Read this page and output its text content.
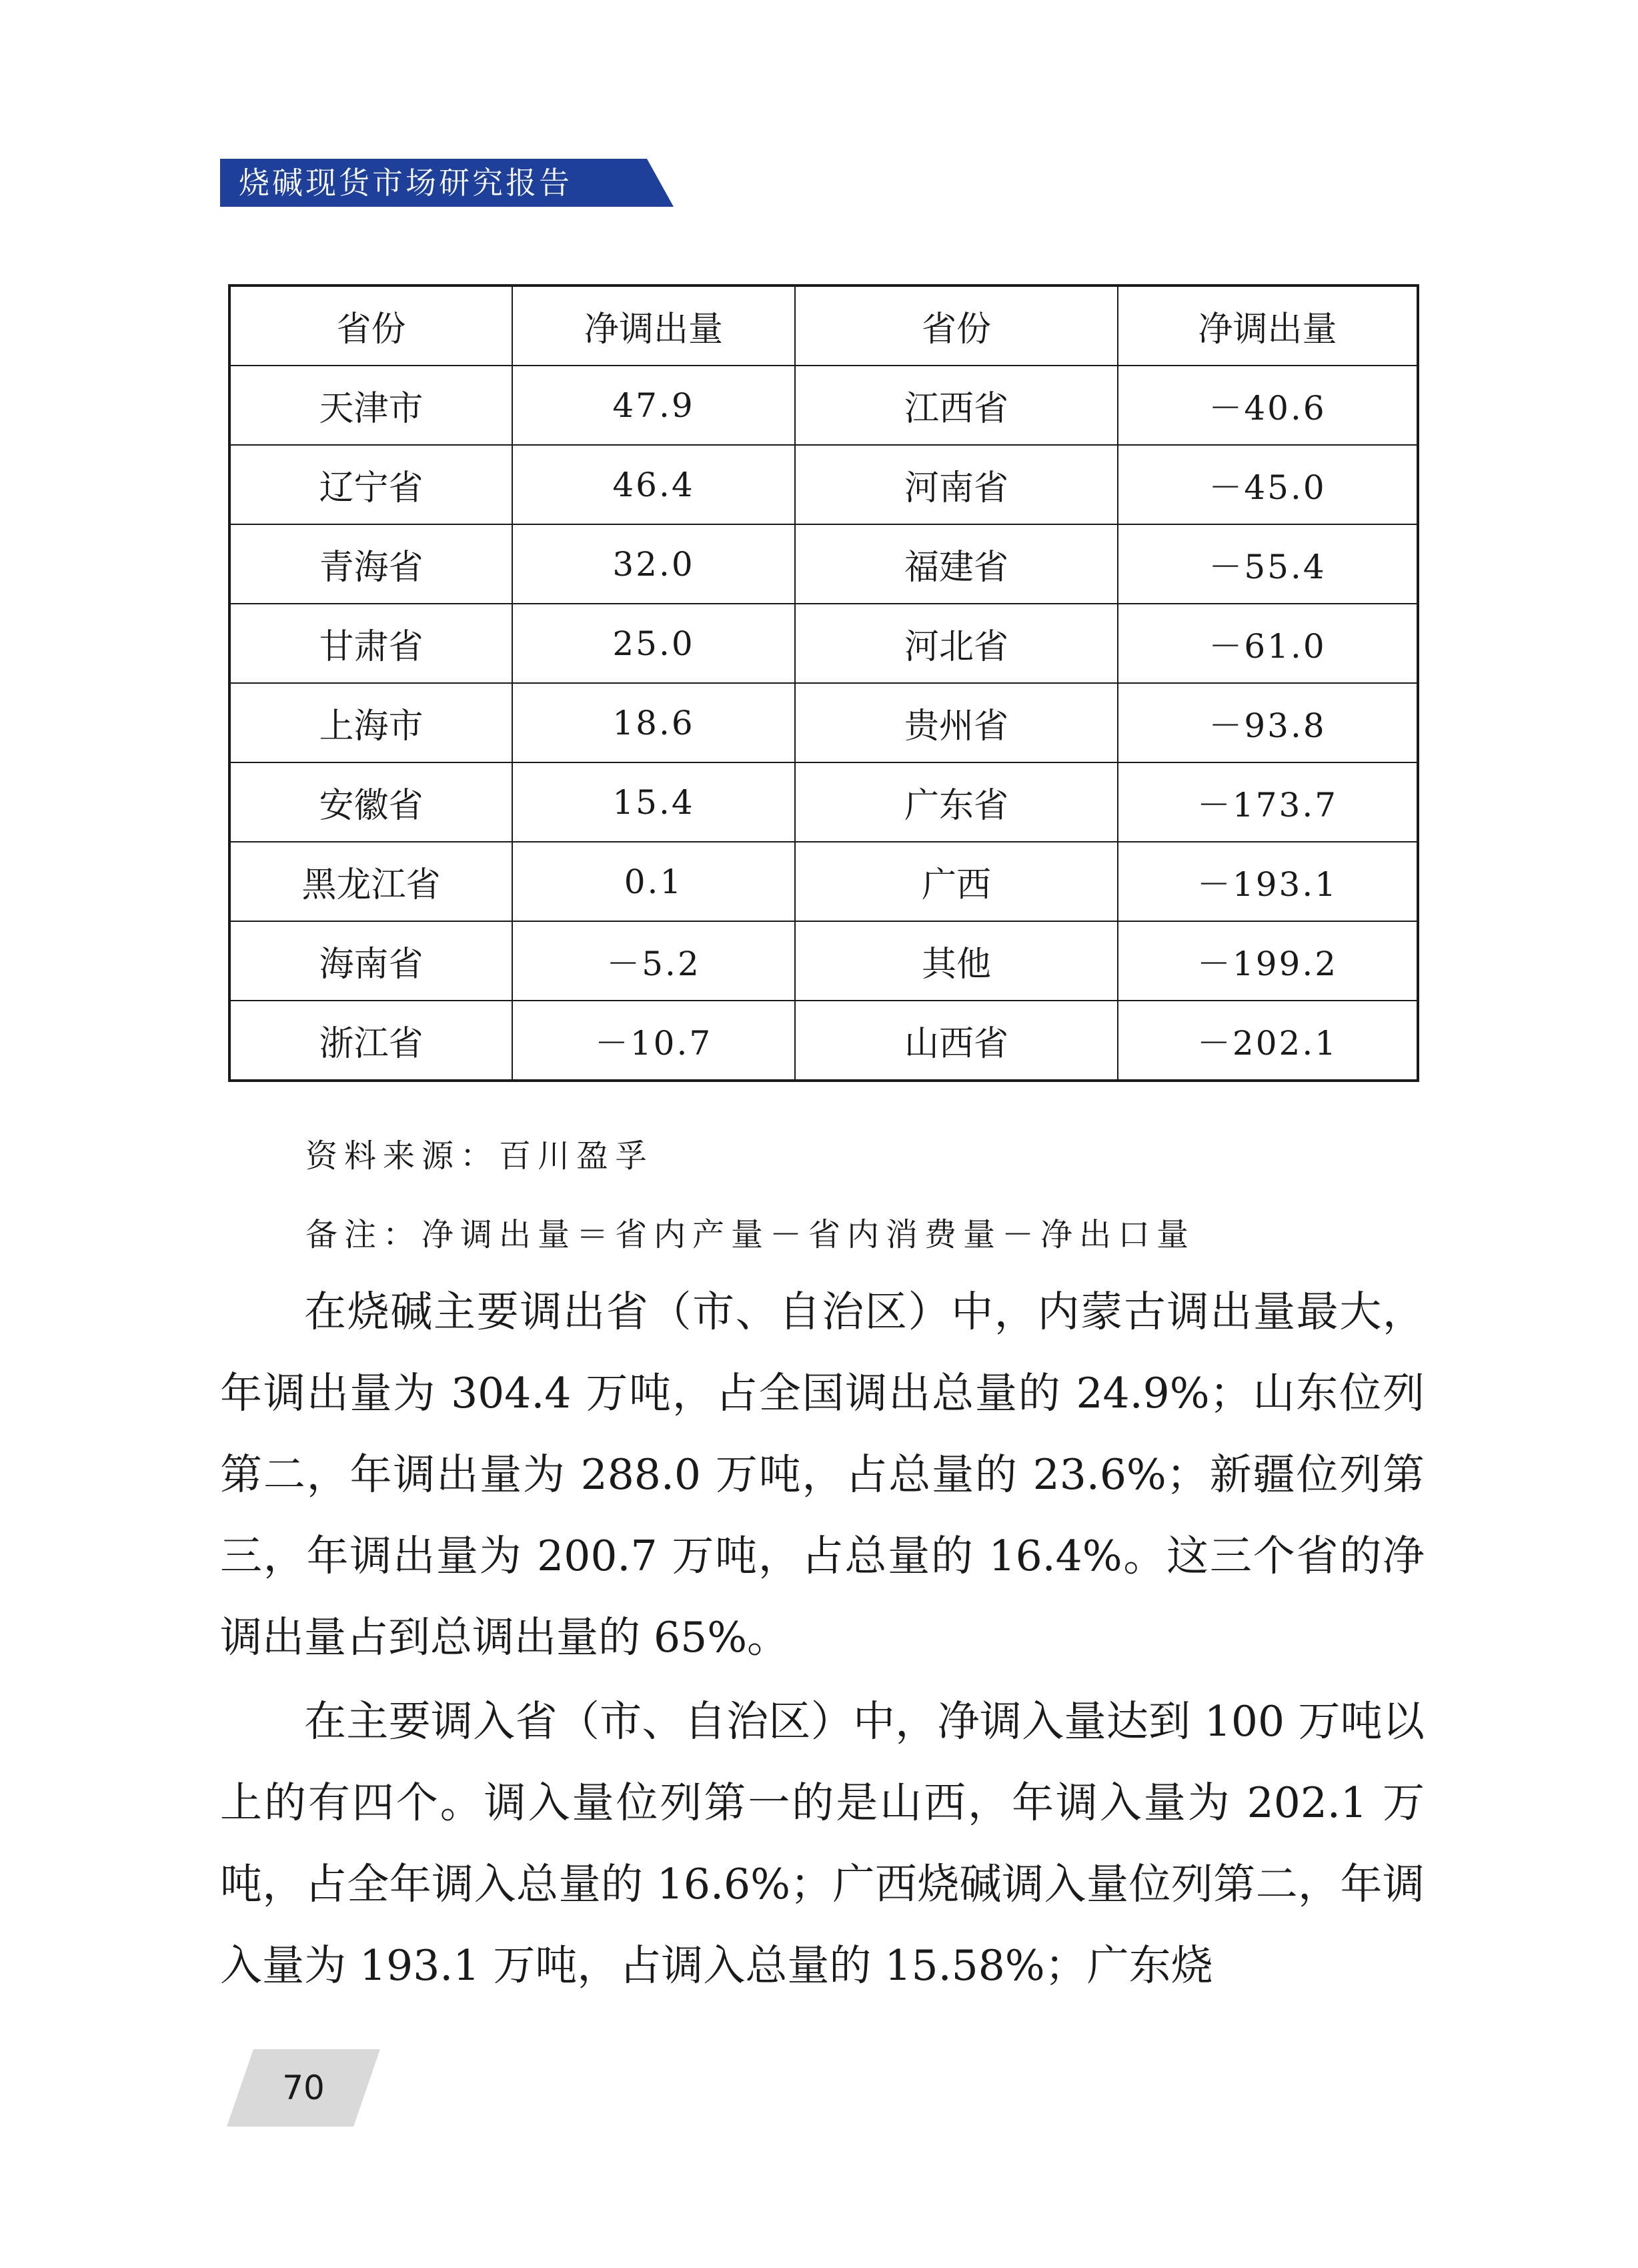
烧碱现货市场研究报告
省份	净调出量	省份	净调出量
天津市	47.9	江西省	－40.6
辽宁省	46.4	河南省	－45.0
青海省	32.0	福建省	－55.4
甘肃省	25.0	河北省	－61.0
上海市	18.6	贵州省	－93.8
安徽省	15.4	广东省	－173.7
黑龙江省	0.1	广西	－193.1
海南省	－5.2	其他	－199.2
浙江省	－10.7	山西省	－202.1
资料来源：百川盈孚
备注：净调出量＝省内产量－省内消费量－净出口量

在烧碱主要调出省（市、自治区）中，内蒙古调出量最大，年调出量为 304.4 万吨，占全国调出总量的 24.9%；山东位列第二，年调出量为 288.0 万吨，占总量的 23.6%；新疆位列第三，年调出量为 200.7 万吨，占总量的 16.4%。这三个省的净调出量占到总调出量的 65%。

在主要调入省（市、自治区）中，净调入量达到 100 万吨以上的有四个。调入量位列第一的是山西，年调入量为 202.1 万吨，占全年调入总量的 16.6%；广西烧碱调入量位列第二，年调入量为 193.1 万吨，占调入总量的 15.58%；广东烧

70
